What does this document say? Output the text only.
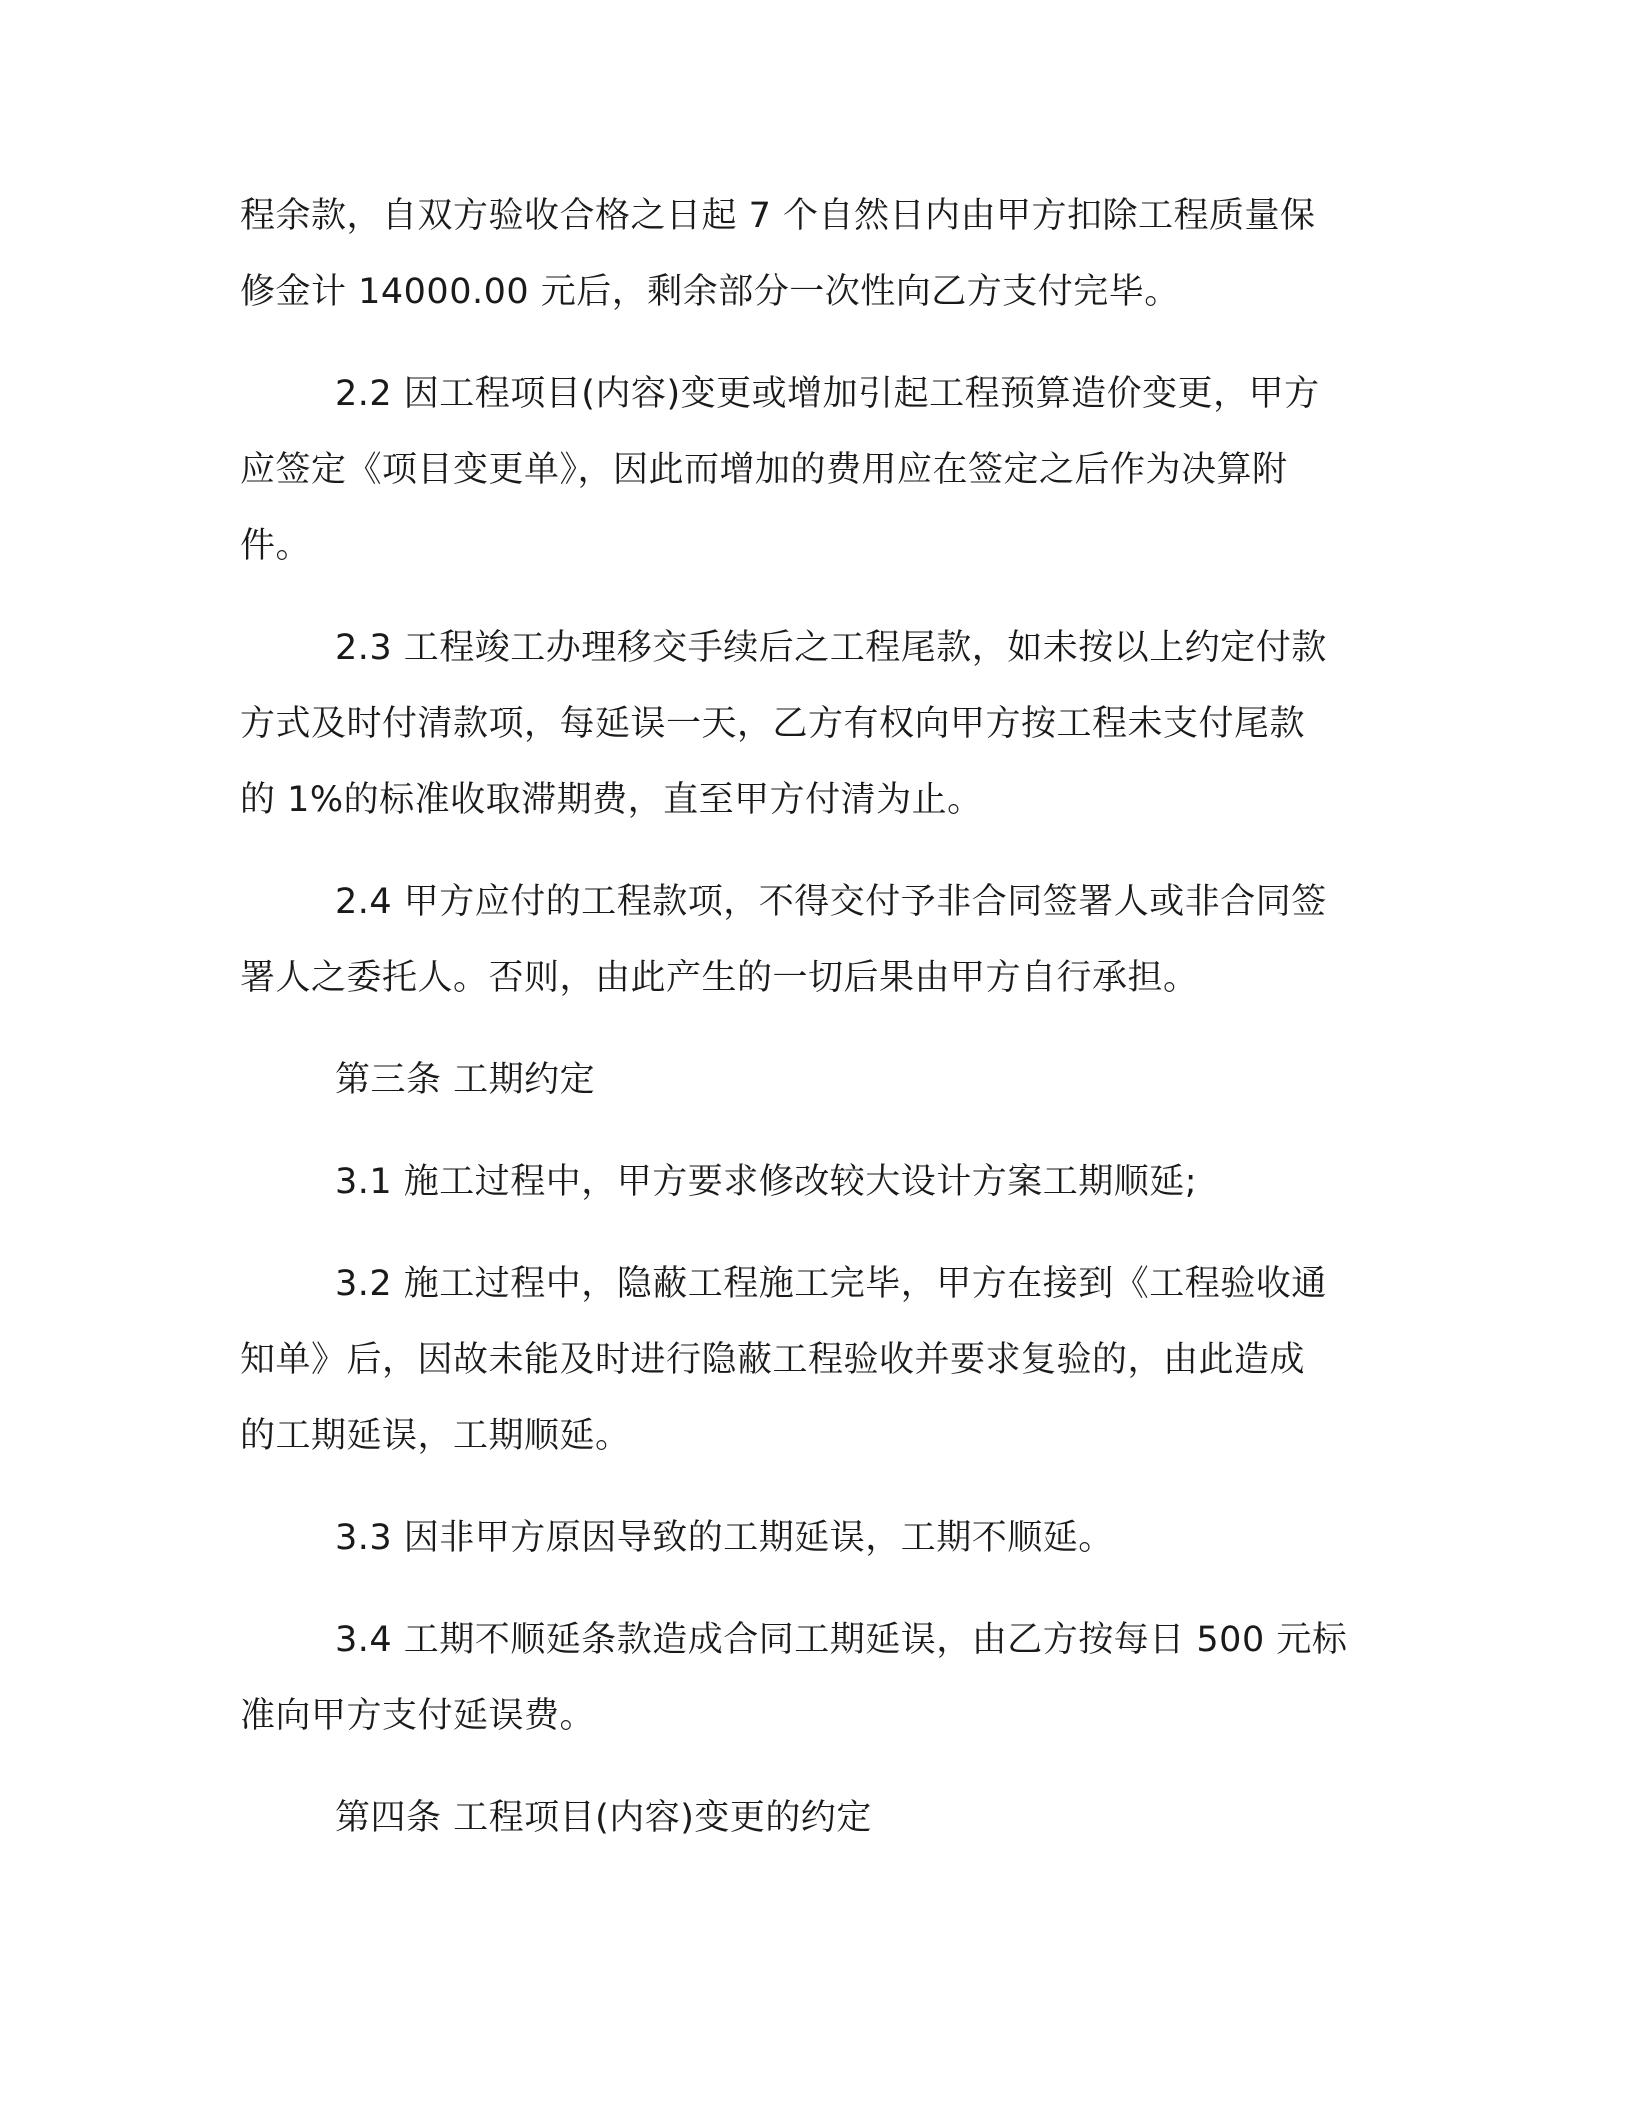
程余款，自双方验收合格之日起 7 个自然日内由甲方扣除工程质量保
修金计 14000.00 元后，剩余部分一次性向乙方支付完毕。

2.2 因工程项目(内容)变更或增加引起工程预算造价变更，甲方
应签定《项目变更单》，因此而增加的费用应在签定之后作为决算附
件。

2.3 工程竣工办理移交手续后之工程尾款，如未按以上约定付款
方式及时付清款项，每延误一天，乙方有权向甲方按工程未支付尾款
的 1%的标准收取滞期费，直至甲方付清为止。

2.4 甲方应付的工程款项，不得交付予非合同签署人或非合同签
署人之委托人。否则，由此产生的一切后果由甲方自行承担。

第三条 工期约定

3.1 施工过程中，甲方要求修改较大设计方案工期顺延;

3.2 施工过程中，隐蔽工程施工完毕，甲方在接到《工程验收通
知单》后，因故未能及时进行隐蔽工程验收并要求复验的，由此造成
的工期延误，工期顺延。

3.3 因非甲方原因导致的工期延误，工期不顺延。

3.4 工期不顺延条款造成合同工期延误，由乙方按每日 500 元标
准向甲方支付延误费。

第四条 工程项目(内容)变更的约定
